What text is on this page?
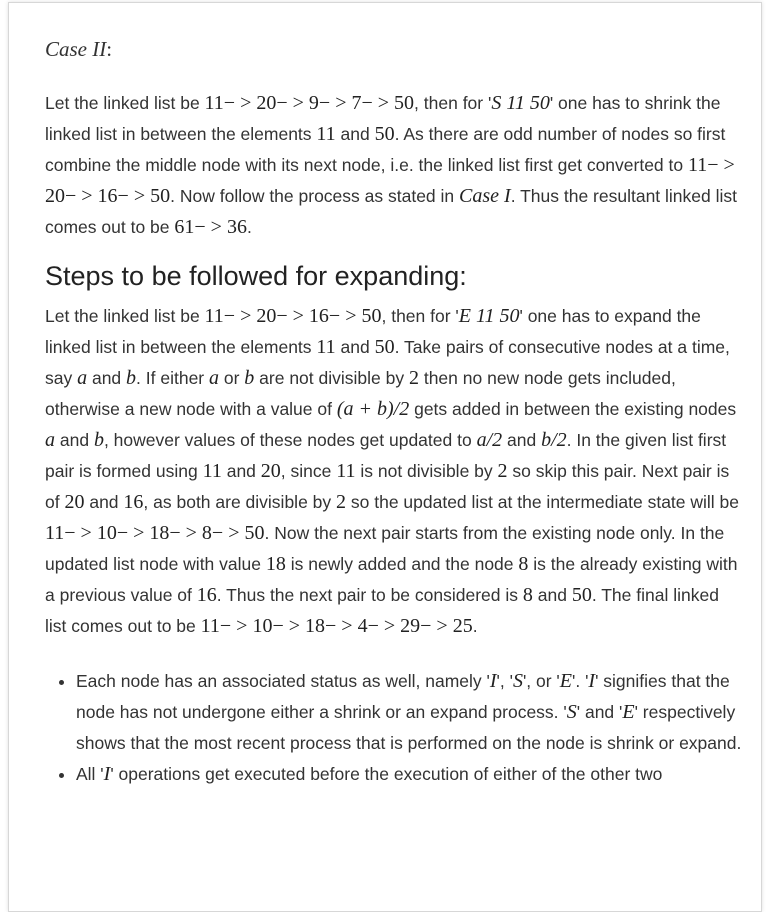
Case II:

Let the linked list be 11− > 20− > 9− > 7− > 50, then for 'S 11 50' one has to shrink the linked list in between the elements 11 and 50. As there are odd number of nodes so first combine the middle node with its next node, i.e. the linked list first get converted to 11− > 20− > 16− > 50. Now follow the process as stated in Case I. Thus the resultant linked list comes out to be 61− > 36.

Steps to be followed for expanding:

Let the linked list be 11− > 20− > 16− > 50, then for 'E 11 50' one has to expand the linked list in between the elements 11 and 50. Take pairs of consecutive nodes at a time, say a and b. If either a or b are not divisible by 2 then no new node gets included, otherwise a new node with a value of (a + b)/2 gets added in between the existing nodes a and b, however values of these nodes get updated to a/2 and b/2. In the given list first pair is formed using 11 and 20, since 11 is not divisible by 2 so skip this pair. Next pair is of 20 and 16, as both are divisible by 2 so the updated list at the intermediate state will be 11− > 10− > 18− > 8− > 50. Now the next pair starts from the existing node only. In the updated list node with value 18 is newly added and the node 8 is the already existing with a previous value of 16. Thus the next pair to be considered is 8 and 50. The final linked list comes out to be 11− > 10− > 18− > 4− > 29− > 25.

• Each node has an associated status as well, namely 'I', 'S', or 'E'. 'I' signifies that the node has not undergone either a shrink or an expand process. 'S' and 'E' respectively shows that the most recent process that is performed on the node is shrink or expand.
• All 'I' operations get executed before the execution of either of the other two
